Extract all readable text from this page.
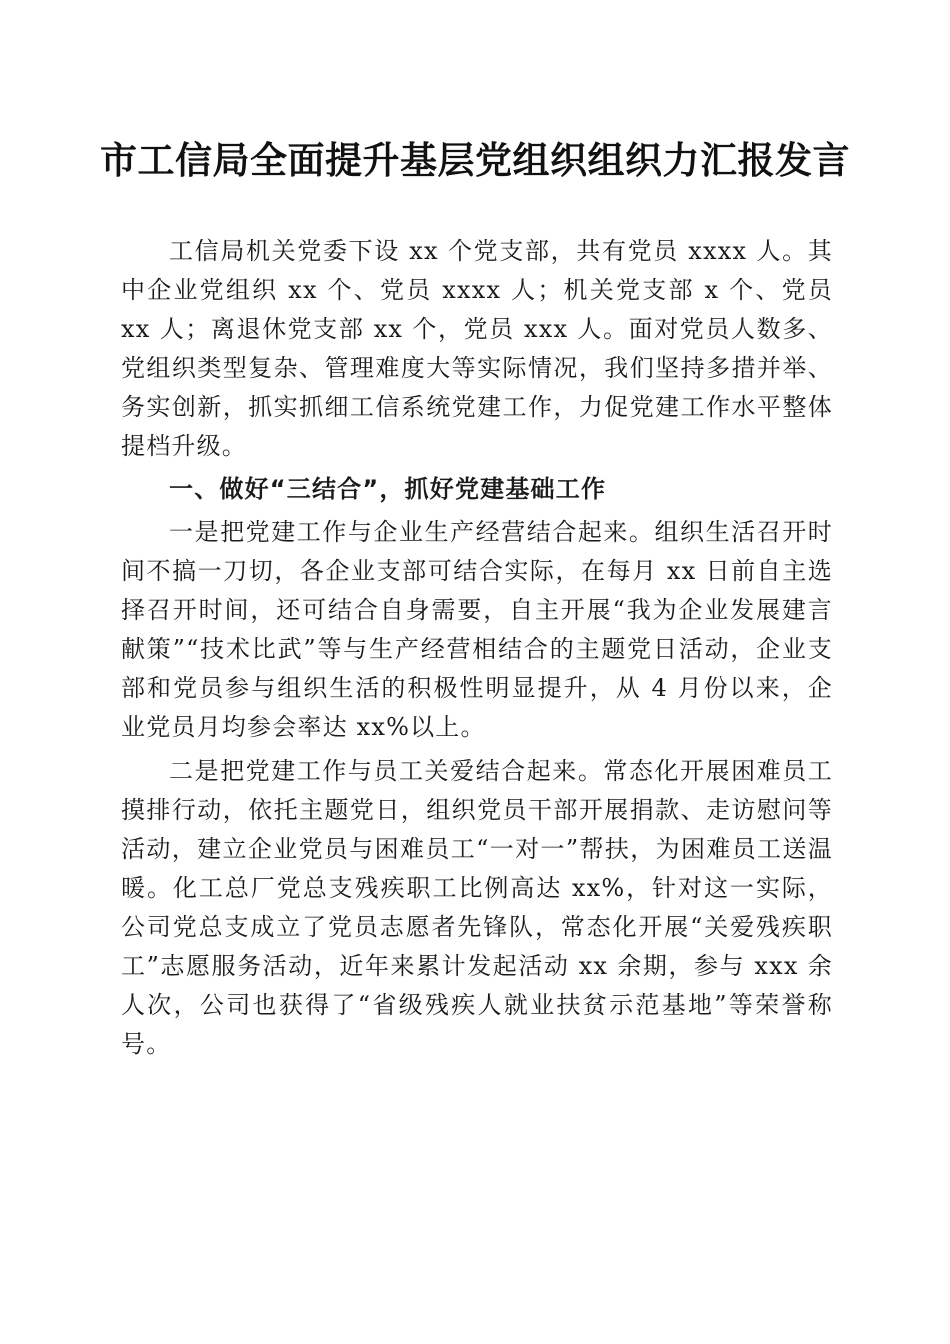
市工信局全面提升基层党组织组织力汇报发言

工信局机关党委下设 xx 个党支部，共有党员 xxxx 人。其中企业党组织 xx 个、党员 xxxx 人；机关党支部 x 个、党员 xx 人；离退休党支部 xx 个，党员 xxx 人。面对党员人数多、党组织类型复杂、管理难度大等实际情况，我们坚持多措并举、务实创新，抓实抓细工信系统党建工作，力促党建工作水平整体提档升级。

一、做好“三结合”，抓好党建基础工作

一是把党建工作与企业生产经营结合起来。组织生活召开时间不搞一刀切，各企业支部可结合实际，在每月 xx 日前自主选择召开时间，还可结合自身需要，自主开展“我为企业发展建言献策”“技术比武”等与生产经营相结合的主题党日活动，企业支部和党员参与组织生活的积极性明显提升，从 4 月份以来，企业党员月均参会率达 xx%以上。

二是把党建工作与员工关爱结合起来。常态化开展困难员工摸排行动，依托主题党日，组织党员干部开展捐款、走访慰问等活动，建立企业党员与困难员工“一对一”帮扶，为困难员工送温暖。化工总厂党总支残疾职工比例高达 xx%，针对这一实际，公司党总支成立了党员志愿者先锋队，常态化开展“关爱残疾职工”志愿服务活动，近年来累计发起活动 xx 余期，参与 xxx 余人次，公司也获得了“省级残疾人就业扶贫示范基地”等荣誉称号。
